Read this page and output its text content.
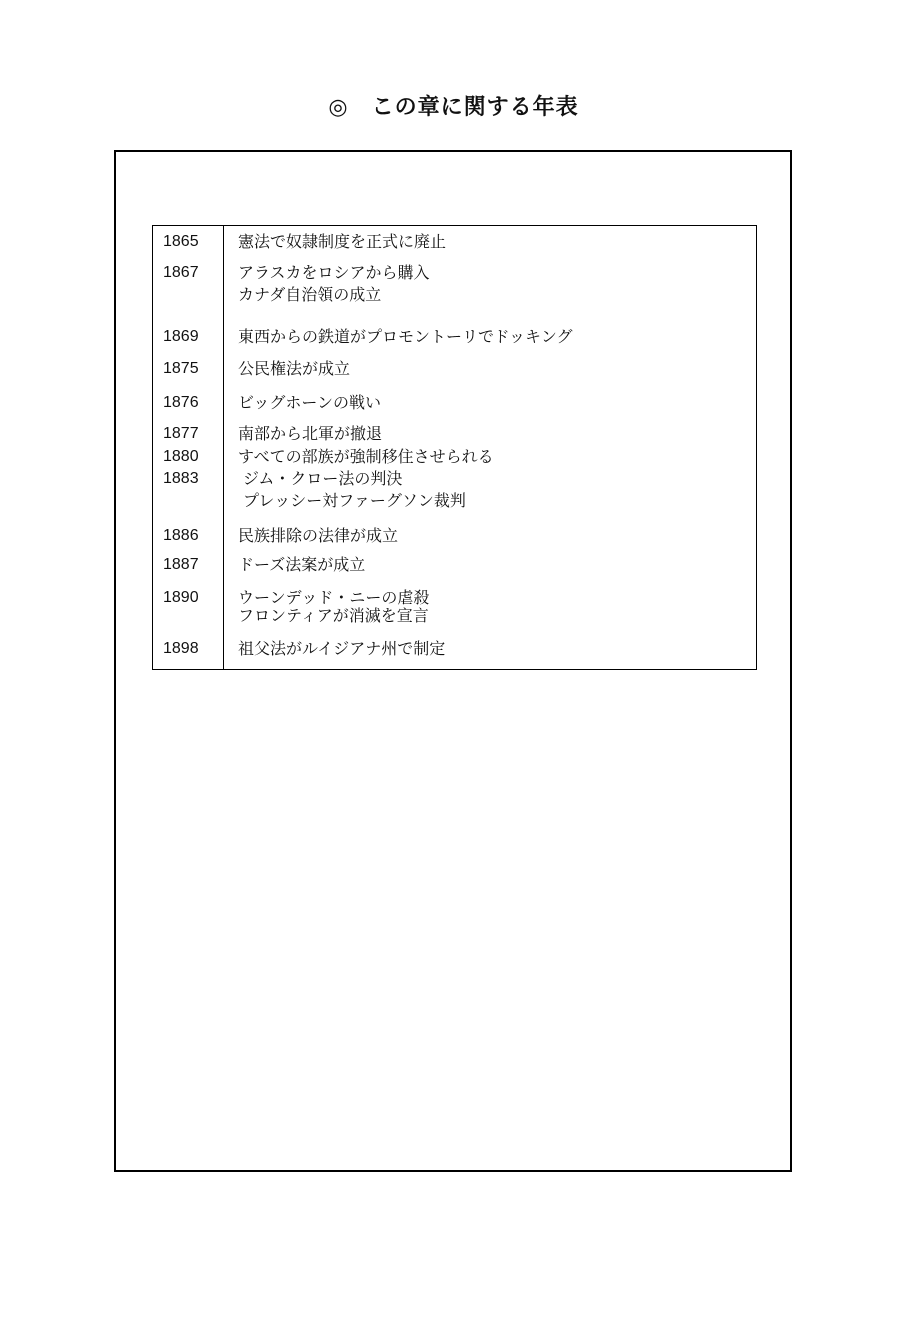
◎　この章に関する年表
1865	憲法で奴隷制度を正式に廃止
1867	アラスカをロシアから購入
カナダ自治領の成立
1869	東西からの鉄道がプロモントーリでドッキング
1875	公民権法が成立
1876	ビッグホーンの戦い
1877	南部から北軍が撤退
1880	すべての部族が強制移住させられる
1883	ジム・クロー法の判決
プレッシー対ファーグソン裁判
1886	民族排除の法律が成立
1887	ドーズ法案が成立
1890	ウーンデッド・ニーの虐殺
フロンティアが消滅を宣言
1898	祖父法がルイジアナ州で制定
